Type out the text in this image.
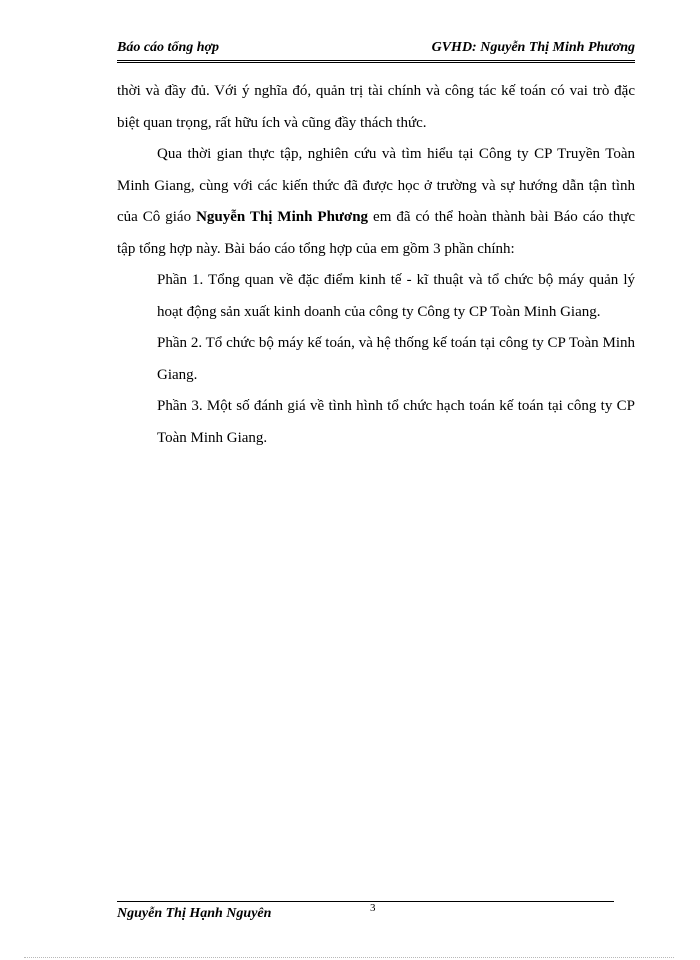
Báo cáo tổng hợp	GVHD: Nguyễn Thị Minh Phương

thời và đầy đủ. Với ý nghĩa đó, quản trị tài chính và công tác kế toán có vai trò đặc biệt quan trọng, rất hữu ích và cũng đầy thách thức.

Qua thời gian thực tập, nghiên cứu và tìm hiểu tại Công ty CP Truyền Toàn Minh Giang, cùng với các kiến thức đã được học ở trường và sự hướng dẫn tận tình của Cô giáo Nguyễn Thị Minh Phương em đã có thể hoàn thành bài Báo cáo thực tập tổng hợp này. Bài báo cáo tổng hợp của em gồm 3 phần chính:

Phần 1. Tổng quan về đặc điểm kinh tế - kĩ thuật và tổ chức bộ máy quản lý hoạt động sản xuất kinh doanh của công ty Công ty CP Toàn Minh Giang.

Phần 2. Tổ chức bộ máy kế toán, và hệ thống kế toán tại công ty CP Toàn Minh Giang.

Phần 3. Một số đánh giá về tình hình tổ chức hạch toán kế toán tại công ty CP Toàn Minh Giang.

Nguyễn Thị Hạnh Nguyên	3
